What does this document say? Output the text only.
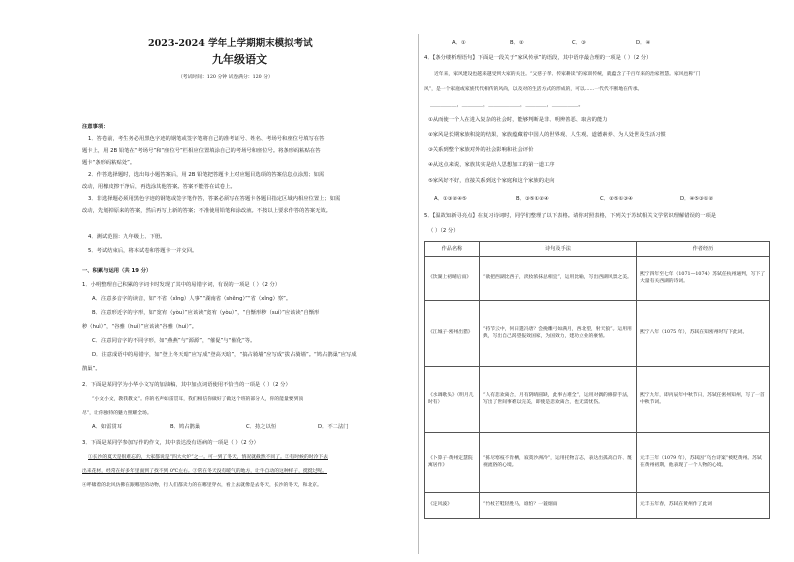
2023-2024 学年上学期期末模拟考试
九年级语文
（考试时间：120 分钟 试卷满分：120 分）
注意事项：
1．答卷前，考生务必用黑色字迹的钢笔或签字笔将自己的准考证号、姓名、考场号和座位号填写在答
题卡上，用 2B 铅笔在“考场号”和“座位号”栏相应位置填涂自己的考场号和座位号。将条形码粘贴在答
题卡“条形码粘贴处”。
2．作答选择题时，选出每小题答案后，用 2B 铅笔把答题卡上对应题目选项的答案信息点涂黑；如需
改动，用橡皮擦干净后，再选涂其他答案。答案不能答在试卷上。
3．非选择题必须用黑色字迹的钢笔或签字笔作答，答案必须写在答题卡各题目指定区域内相应位置上；如需
改动，先划掉原来的答案，然后再写上新的答案；不准使用铅笔和涂改液。不按以上要求作答的答案无效。
4．测试范围：九年级上、下册。
5．考试结束后，将本试卷和答题卡一并交回。
一、积累与运用（共 19 分）
1．小明整理自己积累的字词卡时发现了其中的易错字词，有误的一项是（ ）（2 分）
A．注意多音字的读音，如“不省（xǐng）人事”“湖南省（shěng）”“省（xǐng）察”。
B．注意形近字的字形，如“宽宥（yòu）”应该读“宽宥（yòu）”，“自惭形秽（suì）”应该读“自惭形
秽（huì）”，“谷雅（huì）”应该读“谷雅（huì）”。
C．注意同音字的不同字形，如“燕燕”与“源源”，“催促”与“催化”等。
D．注意成语中的易错字，如“登上冬天暗”应写成“登高天暗”，“搞占骑墙”应写成“拔占骑墙”。“鸠占鹊巢”应写成
鹊巢”。
2．下面是某同学为小华小文写的加油稿，其中加点词语使用不恰当的一项是（ ）（2 分）
“小文小文，教我教文”。你的名声如雷贯耳，我们相信你做好了做这个班的部分人，你的能量要到顶
尽”，让你独特的魅力照耀全场。
A．如雷贯耳	B．鸠占鹊巢	C．持之以恒	D．不二法门
3．下面是某同学参加写作的作文，其中表达没有语病的一项是（ ）（2 分）
①长沙的夏天是很难忘的，大家都说是“四大火炉”之一。可一到了冬天，情况就截然不同了。②有时候的时冷下去
出来花材，经常在好多年里面到了找不到 0℃左右。③常在冬天没有暖气的地方，让牛自动的这种样子，挺挺过呢。
④呼啸着的北风仿佛在跟哪里的动物，行人们都卖力的在哪里穿衣，看上去就像是去冬天，长沙的冬天，和北京。
A．①	B．②	C．③	D．④
4．【条分缕析理语句】下面是一段关于“家风传承”的语段，其中语序最合理的一项是（ ）（2 分）
近年来，家风建设也越来越受到大家的关注。“父慈子孝、传家耕读”的家训传统，就蕴含了千百年来的治家智慧。家风也称“门
风”，是一个家庭或家族代代相传的风尚，以及对的生活方式的形成的，可以……一代代不断地在传承。
＿＿＿＿＿，＿＿＿＿，＿＿＿＿＿＿，＿＿＿＿，＿＿＿＿＿。
①从而使一个人在进入复杂的社会时，能够判断是非、明辨善恶、取舍的能力
②家风是长期家族积淀的结果，家族蕴藏着中国人的世界观、人生观、道德素养、为人处世及生活习惯
③关系到整个家族对外的社会影响和社会评价
④从这点来说，家族其实是给人思想加工的第一道工序
⑤家风好不好，直接关系到这个家庭和这个家族的走向
A．①③②④⑤	B．③⑤①②④	C．②⑤①③④	D．④⑤③①②
5．【温故知新寻亮点】在复习诗词时，同学们整理了以下表格。请你对照表格，下列关于苏轼相关文学常识理解错误的一项是
（ ）（2 分）
作品名称	诗句及手法	作者经历
《饮湖上初晴后雨》	“欲把西湖比西子，淡妆浓抹总相宜”，运用比喻，写出西湖风景之美。	熙宁四年至七年（1071—1074）苏轼任杭州通判，写下了大量有关西湖的诗词。
《江城子·密州出猎》	“持节云中，何日遣冯唐？会挽雕弓如满月，西北望，射天狼”。运用用典，写出自己渴望报效国家，为国效力，建功立业的豪情。	熙宁八年（1075 年），苏轼在知密州时写下此词。
《水调歌头》（明月几时有）	“人有悲欢离合，月有阴晴圆缺，此事古难全”，运用对偶的修辞手法，写出了世间事难以完美，即使是悲欢离合，也无需忧伤。	熙宁九年，即丙辰年中秋节日，苏轼任密州知州，写了一首中秋节词。
《卜算子·黄州定慧院寓居作》	“拣尽寒枝不肯栖，寂寞沙洲冷”，运用托物言志，表达出孤高自许、蔑视流俗的心境。	元丰三年（1079 年），苏轼因“乌台诗案”被贬黄州。苏轼在黄州初期，他表现了一个人物的心境。
《定风波》	“竹杖芒鞋轻胜马，谁怕？一蓑烟雨	元丰五年春，苏轼在黄州作了此词
